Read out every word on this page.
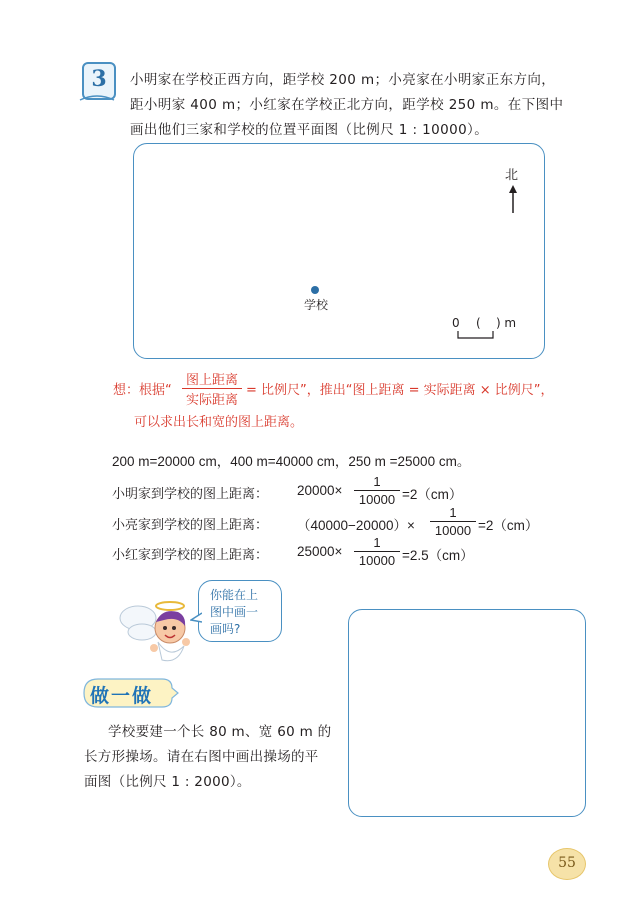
3	小明家在学校正西方向，距学校 200 m；小亮家在小明家正东方向，
距小明家 400 m；小红家在学校正北方向，距学校 250 m。在下图中
画出他们三家和学校的位置平面图（比例尺 1 : 10000）。
北
学校
0 (    ) m
想：根据“
图上距离
实际距离
= 比例尺”，推出“图上距离 = 实际距离 × 比例尺”，
可以求出长和宽的图上距离。
200 m=20000 cm，400 m=40000 cm，250 m =25000 cm。
小明家到学校的图上距离： 20000×
1
10000 =2（cm）
小亮家到学校的图上距离： （40000−20000）×
1
10000 =2（cm）
小红家到学校的图上距离： 25000×
1
10000 =2.5（cm）
你能在上
图中画一
画吗?
做一做
学校要建一个长 80 m、宽 60 m 的
长方形操场。请在右图中画出操场的平
面图（比例尺 1 : 2000）。
55
